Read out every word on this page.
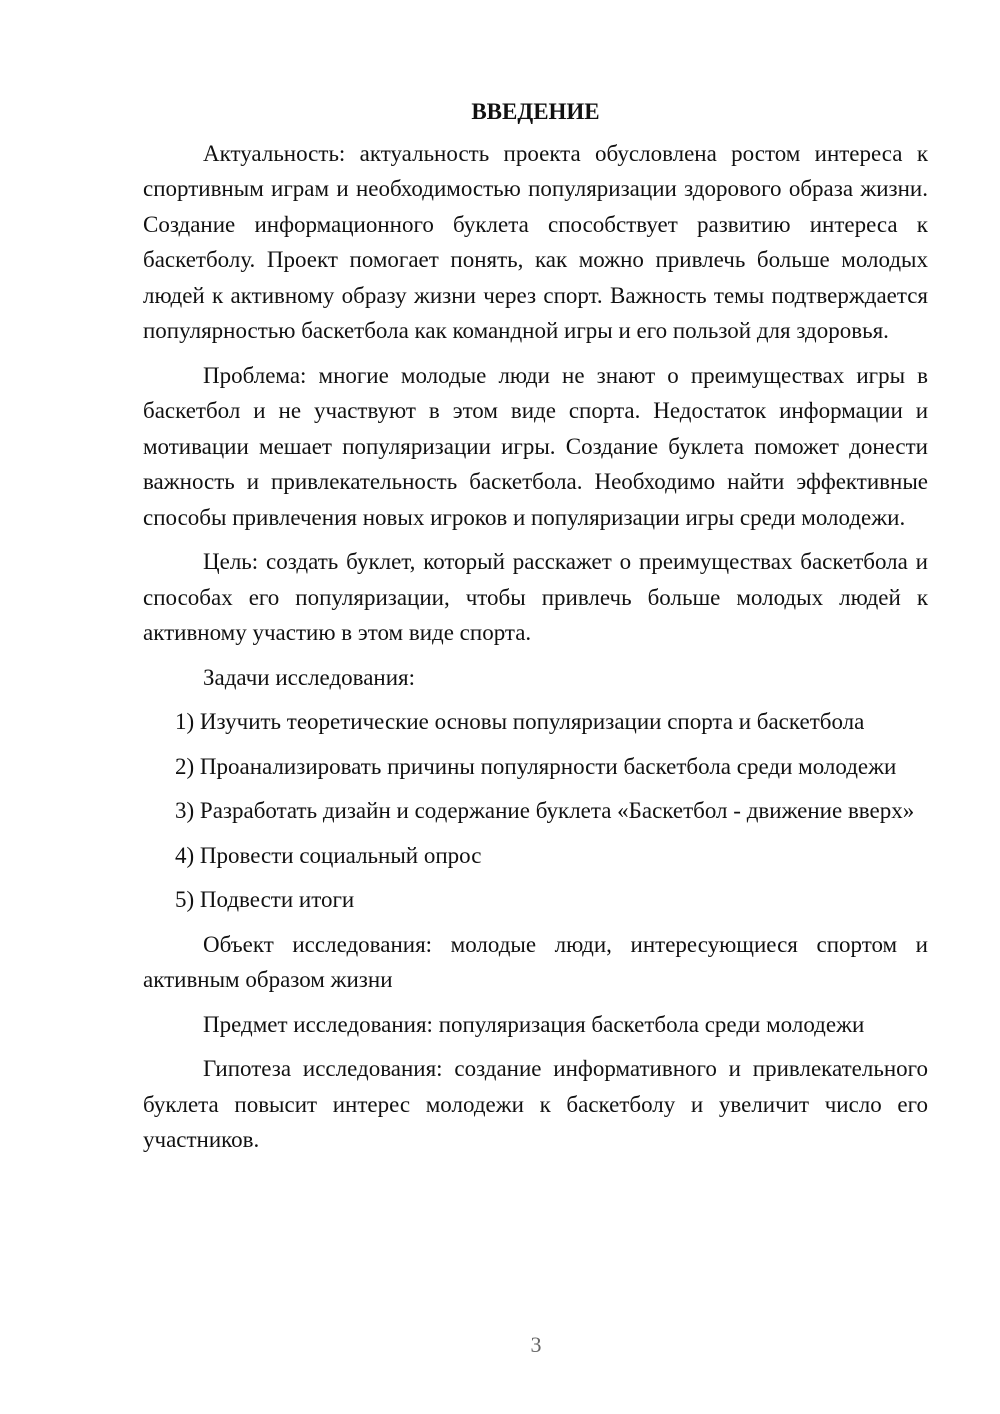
ВВЕДЕНИЕ

Актуальность: актуальность проекта обусловлена ростом интереса к спортивным играм и необходимостью популяризации здорового образа жизни. Создание информационного буклета способствует развитию интереса к баскетболу. Проект помогает понять, как можно привлечь больше молодых людей к активному образу жизни через спорт. Важность темы подтверждается популярностью баскетбола как командной игры и его пользой для здоровья.

Проблема: многие молодые люди не знают о преимуществах игры в баскетбол и не участвуют в этом виде спорта. Недостаток информации и мотивации мешает популяризации игры. Создание буклета поможет донести важность и привлекательность баскетбола. Необходимо найти эффективные способы привлечения новых игроков и популяризации игры среди молодежи.

Цель: создать буклет, который расскажет о преимуществах баскетбола и способах его популяризации, чтобы привлечь больше молодых людей к активному участию в этом виде спорта.

Задачи исследования:

1) Изучить теоретические основы популяризации спорта и баскетбола

2) Проанализировать причины популярности баскетбола среди молодежи

3) Разработать дизайн и содержание буклета «Баскетбол - движение вверх»

4) Провести социальный опрос

5) Подвести итоги

Объект исследования: молодые люди, интересующиеся спортом и активным образом жизни

Предмет исследования: популяризация баскетбола среди молодежи

Гипотеза исследования: создание информативного и привлекательного буклета повысит интерес молодежи к баскетболу и увеличит число его участников.

3
